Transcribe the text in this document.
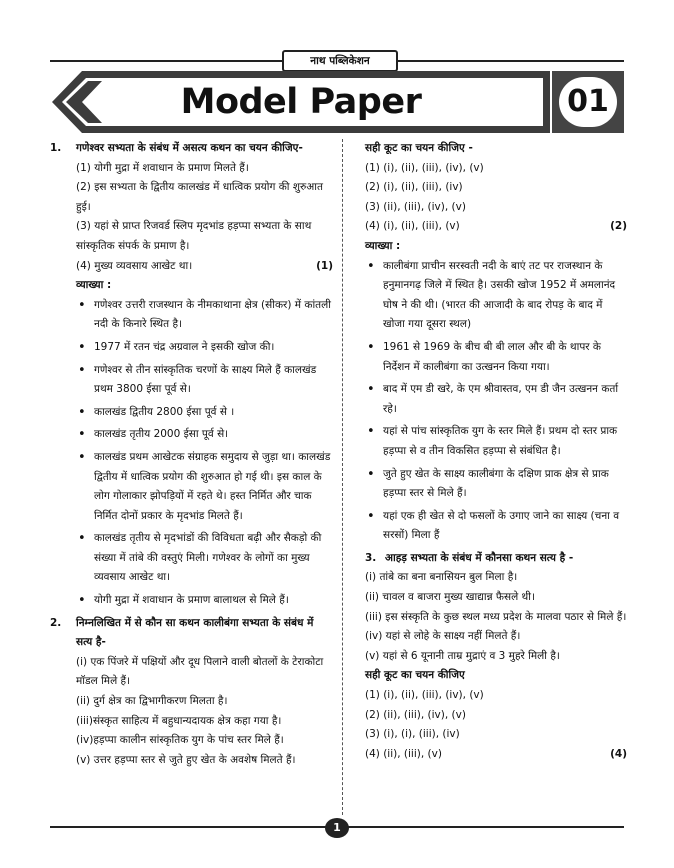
नाथ पब्लिकेशन
Model Paper	01
1. गणेश्वर सभ्यता के संबंध में असत्य कथन का चयन कीजिए-
(1) योगी मुद्रा में शवाधान के प्रमाण मिलते हैं।
(2) इस सभ्यता के द्वितीय कालखंड में धात्विक प्रयोग की शुरुआत हुई।
(3) यहां से प्राप्त रिजवर्ड स्लिप मृदभांड हड़प्पा सभ्यता के साथ सांस्कृतिक संपर्क के प्रमाण है।
(4) मुख्य व्यवसाय आखेट था।	(1)
व्याख्या :
• गणेश्वर उत्तरी राजस्थान के नीमकाथाना क्षेत्र (सीकर) में कांतली नदी के किनारे स्थित है।
• 1977 में रतन चंद्र अग्रवाल ने इसकी खोज की।
• गणेश्वर से तीन सांस्कृतिक चरणों के साक्ष्य मिले हैं कालखंड प्रथम 3800 ईसा पूर्व से।
• कालखंड द्वितीय 2800 ईसा पूर्व से ।
• कालखंड तृतीय 2000 ईसा पूर्व से।
• कालखंड प्रथम आखेटक संग्राहक समुदाय से जुड़ा था। कालखंड द्वितीय में धात्विक प्रयोग की शुरुआत हो गई थी। इस काल के लोग गोलाकार झोपड़ियों में रहते थे। हस्त निर्मित और चाक निर्मित दोनों प्रकार के मृदभांड मिलते हैं।
• कालखंड तृतीय से मृदभांडों की विविधता बढ़ी और सैकड़ो की संख्या में तांबे की वस्तुएं मिली। गणेश्वर के लोगों का मुख्य व्यवसाय आखेट था।
• योगी मुद्रा में शवाधान के प्रमाण बालाथल से मिले हैं।
2. निम्नलिखित में से कौन सा कथन कालीबंगा सभ्यता के संबंध में सत्य है-
(i) एक पिंजरे में पक्षियों और दूध पिलाने वाली बोतलों के टेराकोटा मॉडल मिले हैं।
(ii) दुर्ग क्षेत्र का द्विभागीकरण मिलता है।
(iii)संस्कृत साहित्य में बहुधान्यदायक क्षेत्र कहा गया है।
(iv)हड़प्पा कालीन सांस्कृतिक युग के पांच स्तर मिले हैं।
(v) उत्तर हड़प्पा स्तर से जुते हुए खेत के अवशेष मिलते हैं।
सही कूट का चयन कीजिए -
(1) (i), (ii), (iii), (iv), (v)
(2) (i), (ii), (iii), (iv)
(3) (ii), (iii), (iv), (v)
(4) (i), (ii), (iii), (v)	(2)
व्याख्या :
• कालीबंगा प्राचीन सरस्वती नदी के बाएं तट पर राजस्थान के हनुमानगढ़ जिले में स्थित है। उसकी खोज 1952 में अमलानंद घोष ने की थी। (भारत की आजादी के बाद रोपड़ के बाद में खोजा गया दूसरा स्थल)
• 1961 से 1969 के बीच बी बी लाल और बी के थापर के निर्देशन में कालीबंगा का उत्खनन किया गया।
• बाद में एम डी खरे, के एम श्रीवास्तव, एम डी जैन उत्खनन कर्ता रहे।
• यहां से पांच सांस्कृतिक युग के स्तर मिले हैं। प्रथम दो स्तर प्राक हड़प्पा से व तीन विकसित हड़प्पा से संबंधित है।
• जुते हुए खेत के साक्ष्य कालीबंगा के दक्षिण प्राक क्षेत्र से प्राक हड़प्पा स्तर से मिले हैं।
• यहां एक ही खेत से दो फसलों के उगाए जाने का साक्ष्य (चना व सरसों) मिला हैं
3. आहड़ सभ्यता के संबंध में कौनसा कथन सत्य है -
(i) तांबे का बना बनासियन बुल मिला है।
(ii) चावल व बाजरा मुख्य खाद्यान्न फैसले थी।
(iii) इस संस्कृति के कुछ स्थल मध्य प्रदेश के मालवा पठार से मिले हैं।
(iv) यहां से लोहे के साक्ष्य नहीं मिलते हैं।
(v) यहां से 6 यूनानी ताम्र मुद्राएं व 3 मुहरे मिली है।
सही कूट का चयन कीजिए
(1) (i), (ii), (iii), (iv), (v)
(2) (ii), (iii), (iv), (v)
(3) (i), (i), (iii), (iv)
(4) (ii), (iii), (v)	(4)
1
